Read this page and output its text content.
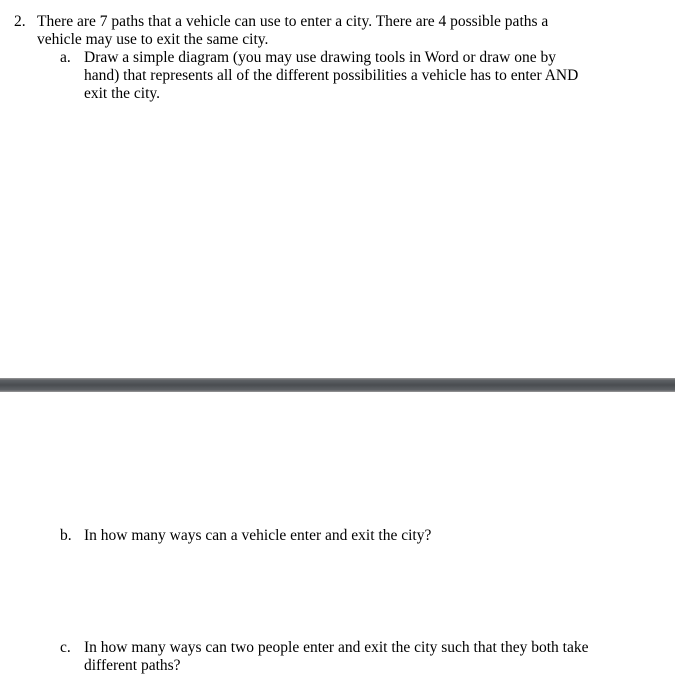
2. There are 7 paths that a vehicle can use to enter a city. There are 4 possible paths a
vehicle may use to exit the same city.
a. Draw a simple diagram (you may use drawing tools in Word or draw one by
hand) that represents all of the different possibilities a vehicle has to enter AND
exit the city.
b. In how many ways can a vehicle enter and exit the city?
c. In how many ways can two people enter and exit the city such that they both take
different paths?
